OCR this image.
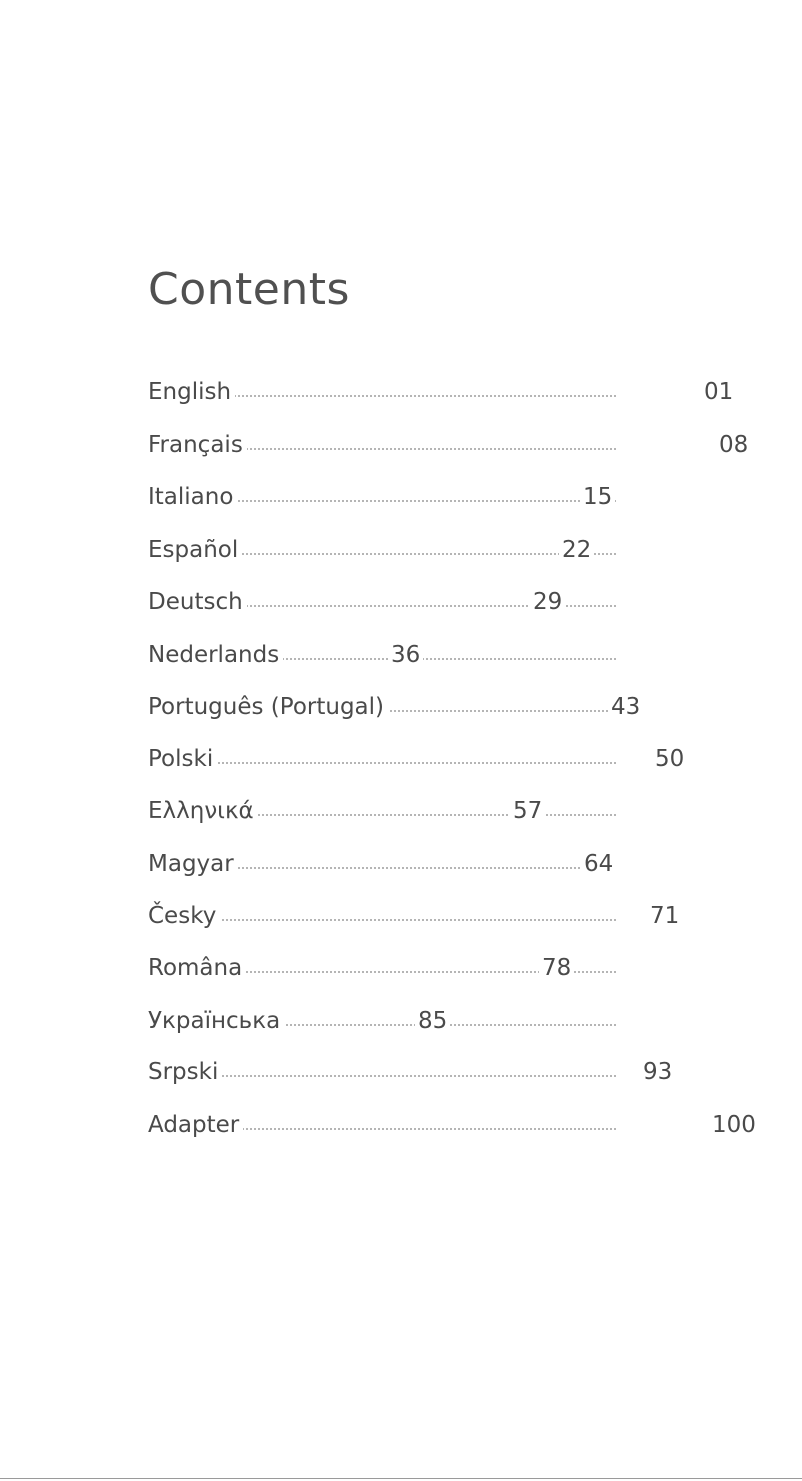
Contents
English	01
Français	08
Italiano	15
Español	22
Deutsch	29
Nederlands	36
Português (Portugal)	43
Polski	50
Ελληνικά	57
Magyar	64
Česky	71
Româna	78
Українська	85
Srpski	93
Adapter	100
